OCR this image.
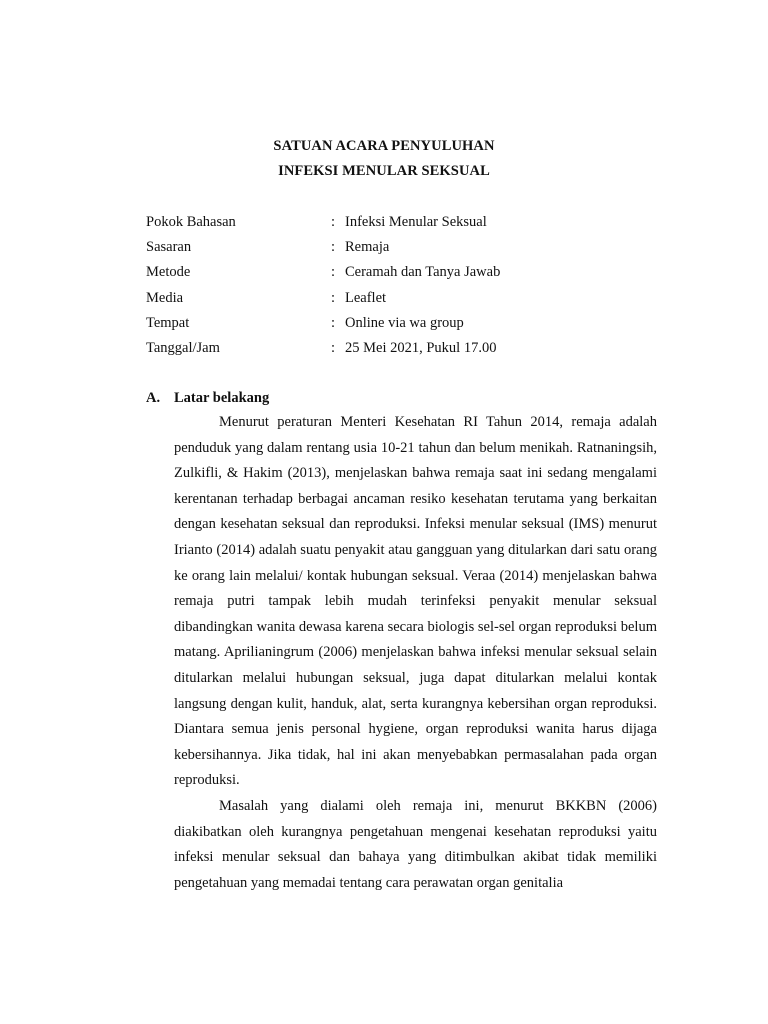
SATUAN ACARA PENYULUHAN
INFEKSI MENULAR SEKSUAL
Pokok Bahasan	: Infeksi Menular Seksual
Sasaran	: Remaja
Metode	: Ceramah dan Tanya Jawab
Media	: Leaflet
Tempat	: Online via wa group
Tanggal/Jam	: 25 Mei 2021, Pukul 17.00
A. Latar belakang

Menurut peraturan Menteri Kesehatan RI Tahun 2014, remaja adalah penduduk yang dalam rentang usia 10-21 tahun dan belum menikah. Ratnaningsih, Zulkifli, & Hakim (2013), menjelaskan bahwa remaja saat ini sedang mengalami kerentanan terhadap berbagai ancaman resiko kesehatan terutama yang berkaitan dengan kesehatan seksual dan reproduksi. Infeksi menular seksual (IMS) menurut Irianto (2014) adalah suatu penyakit atau gangguan yang ditularkan dari satu orang ke orang lain melalui/ kontak hubungan seksual. Veraa (2014) menjelaskan bahwa remaja putri tampak lebih mudah terinfeksi penyakit menular seksual dibandingkan wanita dewasa karena secara biologis sel-sel organ reproduksi belum matang. Aprilianingrum (2006) menjelaskan bahwa infeksi menular seksual selain ditularkan melalui hubungan seksual, juga dapat ditularkan melalui kontak langsung dengan kulit, handuk, alat, serta kurangnya kebersihan organ reproduksi. Diantara semua jenis personal hygiene, organ reproduksi wanita harus dijaga kebersihannya. Jika tidak, hal ini akan menyebabkan permasalahan pada organ reproduksi.

Masalah yang dialami oleh remaja ini, menurut BKKBN (2006) diakibatkan oleh kurangnya pengetahuan mengenai kesehatan reproduksi yaitu infeksi menular seksual dan bahaya yang ditimbulkan akibat tidak memiliki pengetahuan yang memadai tentang cara perawatan organ genitalia
